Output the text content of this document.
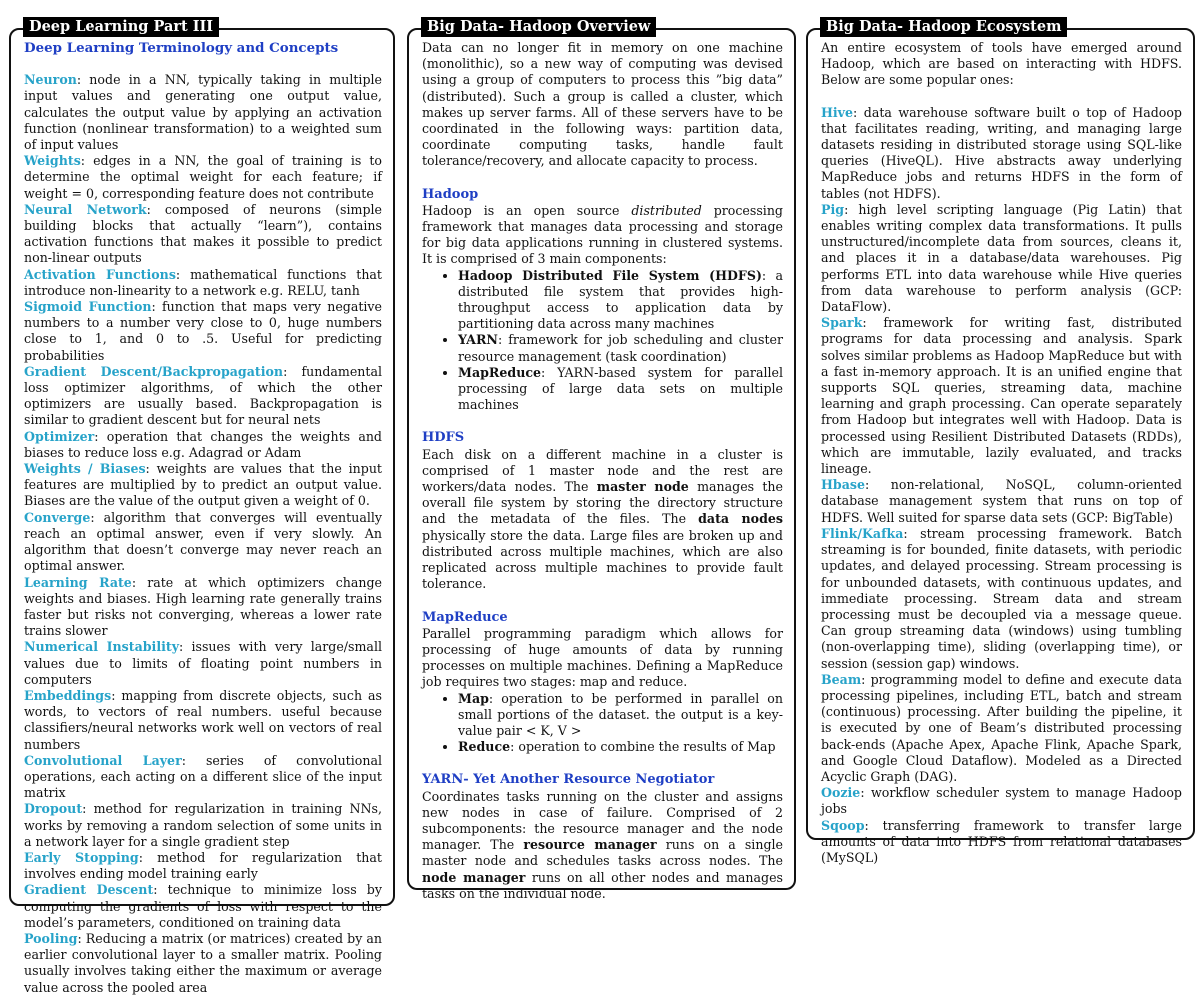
Deep Learning Part III
Deep Learning Terminology and Concepts

Neuron: node in a NN, typically taking in multiple input values and generating one output value, calculates the output value by applying an activation function (nonlinear transformation) to a weighted sum of input values

Weights: edges in a NN, the goal of training is to determine the optimal weight for each feature; if weight = 0, corresponding feature does not contribute

Neural Network: composed of neurons (simple building blocks that actually “learn”), contains activation functions that makes it possible to predict non-linear outputs

Activation Functions: mathematical functions that introduce non-linearity to a network e.g. RELU, tanh

Sigmoid Function: function that maps very negative numbers to a number very close to 0, huge numbers close to 1, and 0 to .5. Useful for predicting probabilities

Gradient Descent/Backpropagation: fundamental loss optimizer algorithms, of which the other optimizers are usually based. Backpropagation is similar to gradient descent but for neural nets

Optimizer: operation that changes the weights and biases to reduce loss e.g. Adagrad or Adam

Weights / Biases: weights are values that the input features are multiplied by to predict an output value. Biases are the value of the output given a weight of 0.

Converge: algorithm that converges will eventually reach an optimal answer, even if very slowly. An algorithm that doesn’t converge may never reach an optimal answer.

Learning Rate: rate at which optimizers change weights and biases. High learning rate generally trains faster but risks not converging, whereas a lower rate trains slower

Numerical Instability: issues with very large/small values due to limits of floating point numbers in computers

Embeddings: mapping from discrete objects, such as words, to vectors of real numbers. useful because classifiers/neural networks work well on vectors of real numbers

Convolutional Layer: series of convolutional operations, each acting on a different slice of the input matrix

Dropout: method for regularization in training NNs, works by removing a random selection of some units in a network layer for a single gradient step

Early Stopping: method for regularization that involves ending model training early

Gradient Descent: technique to minimize loss by computing the gradients of loss with respect to the model’s parameters, conditioned on training data

Pooling: Reducing a matrix (or matrices) created by an earlier convolutional layer to a smaller matrix. Pooling usually involves taking either the maximum or average value across the pooled area

Big Data- Hadoop Overview

Data can no longer fit in memory on one machine (monolithic), so a new way of computing was devised using a group of computers to process this ”big data” (distributed). Such a group is called a cluster, which makes up server farms. All of these servers have to be coordinated in the following ways: partition data, coordinate computing tasks, handle fault tolerance/recovery, and allocate capacity to process.

Hadoop

Hadoop is an open source distributed processing framework that manages data processing and storage for big data applications running in clustered systems. It is comprised of 3 main components:

• Hadoop Distributed File System (HDFS): a distributed file system that provides high-throughput access to application data by partitioning data across many machines
• YARN: framework for job scheduling and cluster resource management (task coordination)
• MapReduce: YARN-based system for parallel processing of large data sets on multiple machines
HDFS

Each disk on a different machine in a cluster is comprised of 1 master node and the rest are workers/data nodes. The master node manages the overall file system by storing the directory structure and the metadata of the files. The data nodes physically store the data. Large files are broken up and distributed across multiple machines, which are also replicated across multiple machines to provide fault tolerance.

MapReduce

Parallel programming paradigm which allows for processing of huge amounts of data by running processes on multiple machines. Defining a MapReduce job requires two stages: map and reduce.

• Map: operation to be performed in parallel on small portions of the dataset. the output is a key-value pair < K, V >
• Reduce: operation to combine the results of Map
YARN- Yet Another Resource Negotiator

Coordinates tasks running on the cluster and assigns new nodes in case of failure. Comprised of 2 subcomponents: the resource manager and the node manager. The resource manager runs on a single master node and schedules tasks across nodes. The node manager runs on all other nodes and manages tasks on the individual node.

Big Data- Hadoop Ecosystem

An entire ecosystem of tools have emerged around Hadoop, which are based on interacting with HDFS. Below are some popular ones:

Hive: data warehouse software built o top of Hadoop that facilitates reading, writing, and managing large datasets residing in distributed storage using SQL-like queries (HiveQL). Hive abstracts away underlying MapReduce jobs and returns HDFS in the form of tables (not HDFS).

Pig: high level scripting language (Pig Latin) that enables writing complex data transformations. It pulls unstructured/incomplete data from sources, cleans it, and places it in a database/data warehouses. Pig performs ETL into data warehouse while Hive queries from data warehouse to perform analysis (GCP: DataFlow).

Spark: framework for writing fast, distributed programs for data processing and analysis. Spark solves similar problems as Hadoop MapReduce but with a fast in-memory approach. It is an unified engine that supports SQL queries, streaming data, machine learning and graph processing. Can operate separately from Hadoop but integrates well with Hadoop. Data is processed using Resilient Distributed Datasets (RDDs), which are immutable, lazily evaluated, and tracks lineage.

Hbase: non-relational, NoSQL, column-oriented database management system that runs on top of HDFS. Well suited for sparse data sets (GCP: BigTable)

Flink/Kafka: stream processing framework. Batch streaming is for bounded, finite datasets, with periodic updates, and delayed processing. Stream processing is for unbounded datasets, with continuous updates, and immediate processing. Stream data and stream processing must be decoupled via a message queue. Can group streaming data (windows) using tumbling (non-overlapping time), sliding (overlapping time), or session (session gap) windows.

Beam: programming model to define and execute data processing pipelines, including ETL, batch and stream (continuous) processing. After building the pipeline, it is executed by one of Beam’s distributed processing back-ends (Apache Apex, Apache Flink, Apache Spark, and Google Cloud Dataflow). Modeled as a Directed Acyclic Graph (DAG).

Oozie: workflow scheduler system to manage Hadoop jobs

Sqoop: transferring framework to transfer large amounts of data into HDFS from relational databases (MySQL)
